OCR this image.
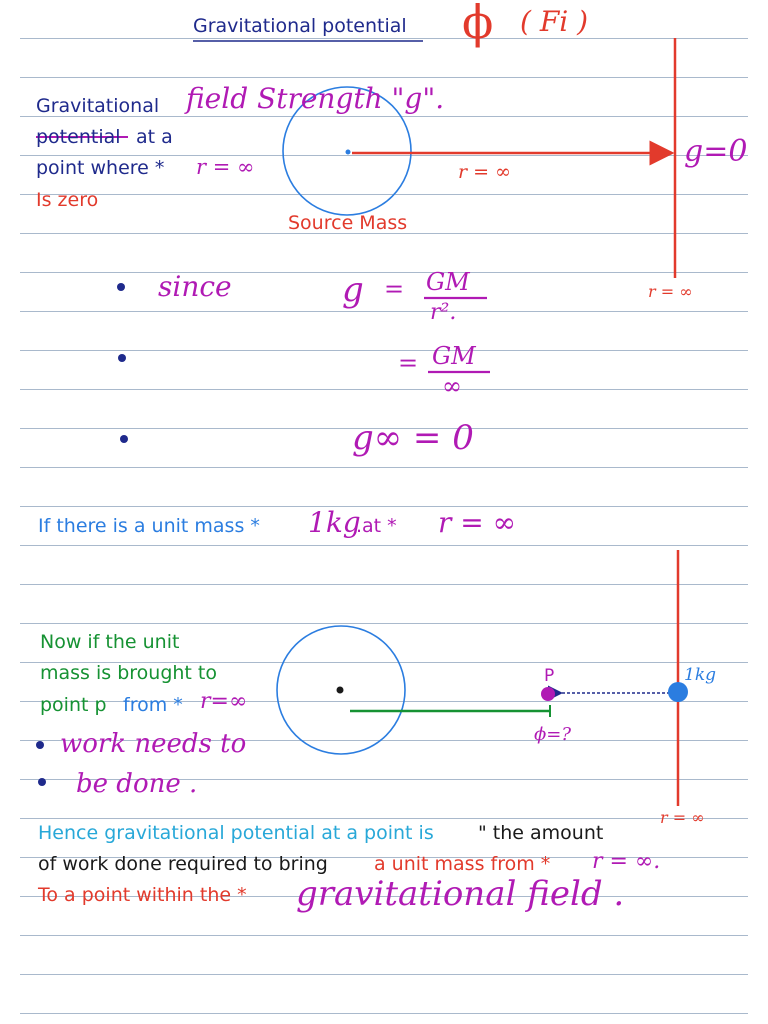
Gravitational potential ϕ ( Fi )
Gravitational field Strength "g".
potential at a
point where * r = ∞
Is zero
Source Mass
r = ∞
g=0
r = ∞
since	g = GM
r².
= GM
∞
g∞ = 0
If there is a unit mass * 1kg
.at * r = ∞
Now if the unit
mass is brought to
point p from * r=∞
work needs to
be done .
P
ϕ=?
1kg
r = ∞
Hence gravitational potential at a point is " the amount
of work done required to bring a unit mass from * r = ∞.
To a point within the * gravitational field .
